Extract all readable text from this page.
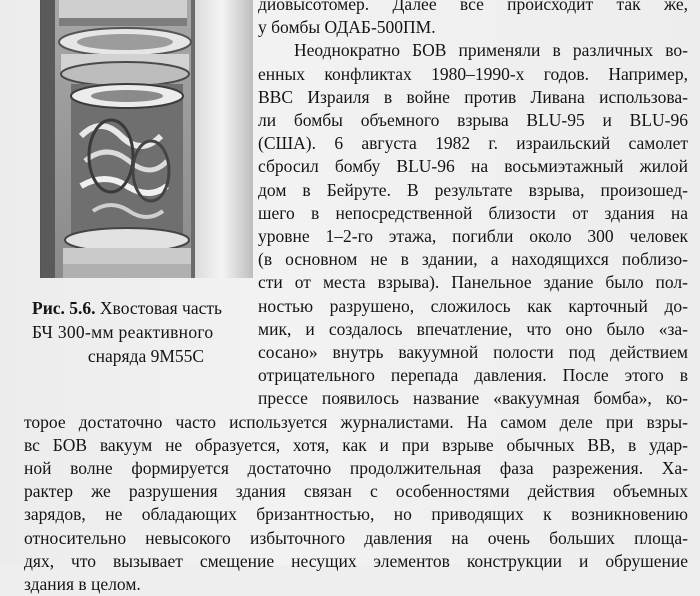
Рис. 5.6. Хвостовая часть
БЧ 300-мм реактивного
снаряда 9М55С
диовысотомер. Далее все происходит так же,
у бомбы ОДАБ-500ПМ.
Неоднократно БОВ применяли в различных во-
енных конфликтах 1980–1990-х годов. Например,
ВВС Израиля в войне против Ливана использова-
ли бомбы объемного взрыва BLU-95 и BLU-96
(США). 6 августа 1982 г. израильский самолет
сбросил бомбу BLU-96 на восьмиэтажный жилой
дом в Бейруте. В результате взрыва, произошед-
шего в непосредственной близости от здания на
уровне 1–2-го этажа, погибли около 300 человек
(в основном не в здании, а находящихся поблизо-
сти от места взрыва). Панельное здание было пол-
ностью разрушено, сложилось как карточный до-
мик, и создалось впечатление, что оно было «за-
сосано» внутрь вакуумной полости под действием
отрицательного перепада давления. После этого в
прессе появилось название «вакуумная бомба», ко-
торое достаточно часто используется журналистами. На самом деле при взры-
вс БОВ вакуум не образуется, хотя, как и при взрыве обычных ВВ, в удар-
ной волне формируется достаточно продолжительная фаза разрежения. Ха-
рактер же разрушения здания связан с особенностями действия объемных
зарядов, не обладающих бризантностью, но приводящих к возникновению
относительно невысокого избыточного давления на очень больших площа-
дях, что вызывает смещение несущих элементов конструкции и обрушение
здания в целом.
